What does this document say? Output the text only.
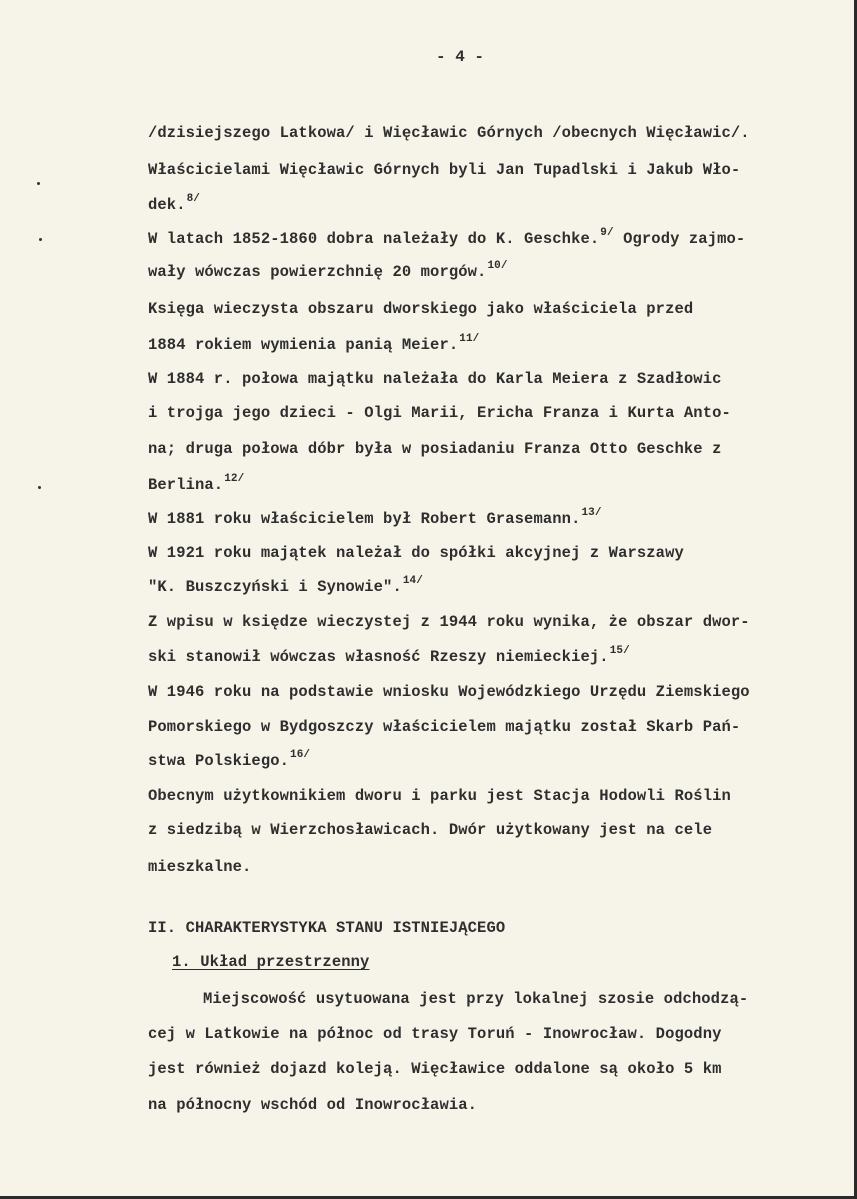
- 4 -
/dzisiejszego Latkowa/ i Więcławic Górnych /obecnych Więcławic/.
Właścicielami Więcławic Górnych byli Jan Tupadlski i Jakub Wło-
dek.$^{8/}$
W latach 1852-1860 dobra należały do K. Geschke.$^{9/}$ Ogrody zajmo-
wały wówczas powierzchnię 20 morgów.$^{10/}$
Księga wieczysta obszaru dworskiego jako właściciela przed
1884 rokiem wymienia panią Meier.$^{11/}$
W 1884 r. połowa majątku należała do Karla Meiera z Szadłowic
i trojga jego dzieci - Olgi Marii, Ericha Franza i Kurta Anto-
na; druga połowa dóbr była w posiadaniu Franza Otto Geschke z
Berlina.$^{12/}$
W 1881 roku właścicielem był Robert Grasemann.$^{13/}$
W 1921 roku majątek należał do spółki akcyjnej z Warszawy
"K. Buszczyński i Synowie".$^{14/}$
Z wpisu w księdze wieczystej z 1944 roku wynika, że obszar dwor-
ski stanowił wówczas własność Rzeszy niemieckiej.$^{15/}$
W 1946 roku na podstawie wniosku Wojewódzkiego Urzędu Ziemskiego
Pomorskiego w Bydgoszczy właścicielem majątku został Skarb Pań-
stwa Polskiego.$^{16/}$
Obecnym użytkownikiem dworu i parku jest Stacja Hodowli Roślin
z siedzibą w Wierzchosławicach. Dwór użytkowany jest na cele
mieszkalne.
II. CHARAKTERYSTYKA STANU ISTNIEJĄCEGO
1. Układ przestrzenny
Miejscowość usytuowana jest przy lokalnej szosie odchodzą-
cej w Latkowie na północ od trasy Toruń - Inowrocław. Dogodny
jest również dojazd koleją. Więcławice oddalone są około 5 km
na północny wschód od Inowrocławia.
